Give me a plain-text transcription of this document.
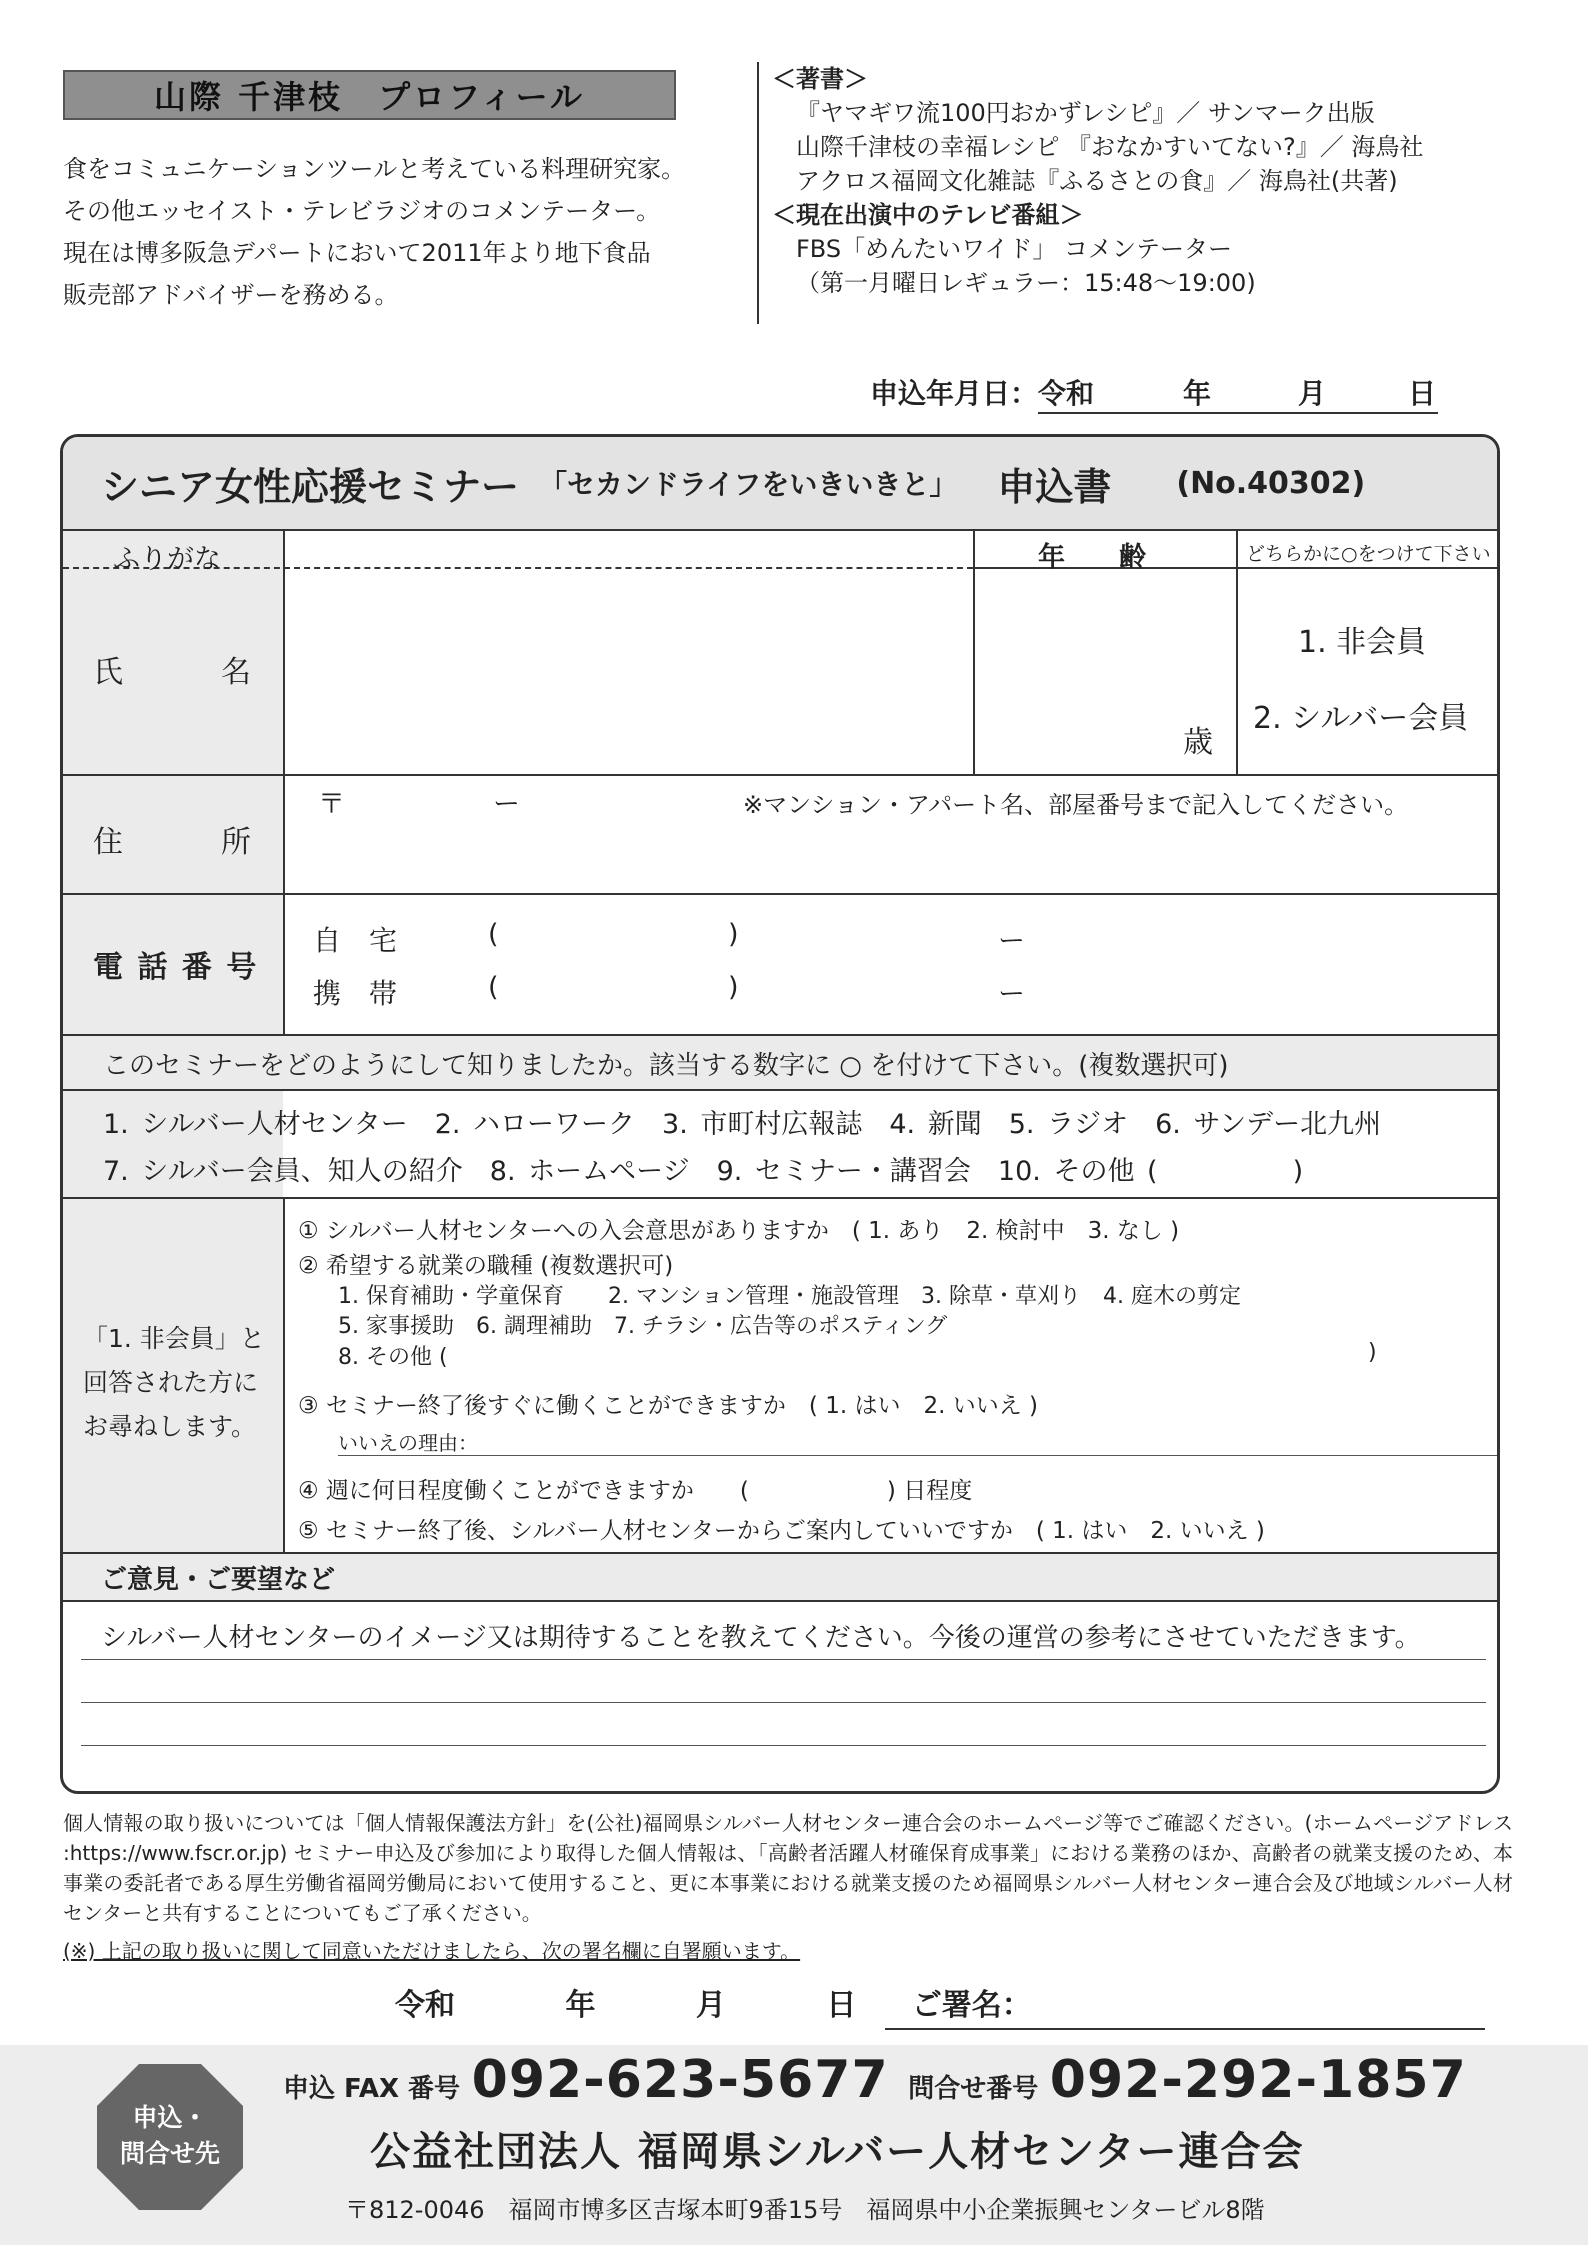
山際 千津枝　プロフィール
食をコミュニケーションツールと考えている料理研究家。
その他エッセイスト・テレビラジオのコメンテーター。
現在は博多阪急デパートにおいて2011年より地下食品
販売部アドバイザーを務める。
＜著書＞
『ヤマギワ流100円おかずレシピ』／ サンマーク出版
山際千津枝の幸福レシピ 『おなかすいてない?』／ 海鳥社
アクロス福岡文化雑誌『ふるさとの食』／ 海鳥社(共著)
＜現在出演中のテレビ番組＞
FBS「めんたいワイド」 コメンテーター
（第一月曜日レギュラー：15:48～19:00)
申込年月日： 令和	年	月	日
シニア女性応援セミナー 「セカンドライフをいきいきと」 申込書 (No.40302)
ふりがな	年　　齢	どちらかに○をつけて下さい
氏　　　名
歳
1. 非会員
2. シルバー会員
住　　　所
〒	ー	※マンション・アパート名、部屋番号まで記入してください。
電 話 番 号
自　宅	(	)	ー
携　帯	(	)	ー
このセミナーをどのようにして知りましたか。該当する数字に ○ を付けて下さい。(複数選択可)
1. シルバー人材センター　2. ハローワーク　3. 市町村広報誌　4. 新聞　5. ラジオ　6. サンデー北九州
7. シルバー会員、知人の紹介　8. ホームページ　9. セミナー・講習会　10. その他 (	)
「1. 非会員」と
回答された方に
お尋ねします。
① シルバー人材センターへの入会意思がありますか　( 1. あり　2. 検討中　3. なし )
② 希望する就業の職種 (複数選択可)
1. 保育補助・学童保育　　2. マンション管理・施設管理　3. 除草・草刈り　4. 庭木の剪定
5. 家事援助　6. 調理補助　7. チラシ・広告等のポスティング
8. その他 (	)
③ セミナー終了後すぐに働くことができますか　( 1. はい　2. いいえ )
いいえの理由：
④ 週に何日程度働くことができますか　　(　　　　　　) 日程度
⑤ セミナー終了後、シルバー人材センターからご案内していいですか　( 1. はい　2. いいえ )
ご意見・ご要望など
シルバー人材センターのイメージ又は期待することを教えてください。今後の運営の参考にさせていただきます。
個人情報の取り扱いについては「個人情報保護法方針」を(公社)福岡県シルバー人材センター連合会のホームページ等でご確認ください。(ホームページアドレス :https://www.fscr.or.jp) セミナー申込及び参加により取得した個人情報は、「高齢者活躍人材確保育成事業」における業務のほか、高齢者の就業支援のため、本事業の委託者である厚生労働省福岡労働局において使用すること、更に本事業における就業支援のため福岡県シルバー人材センター連合会及び地域シルバー人材センターと共有することについてもご了承ください。
(※) 上記の取り扱いに関して同意いただけましたら、次の署名欄に自署願います。
令和	年	月	日 ご署名：
申込・
問合せ先
申込 FAX 番号 092-623-5677 問合せ番号 092-292-1857
公益社団法人 福岡県シルバー人材センター連合会
〒812-0046　福岡市博多区吉塚本町9番15号　福岡県中小企業振興センタービル8階
